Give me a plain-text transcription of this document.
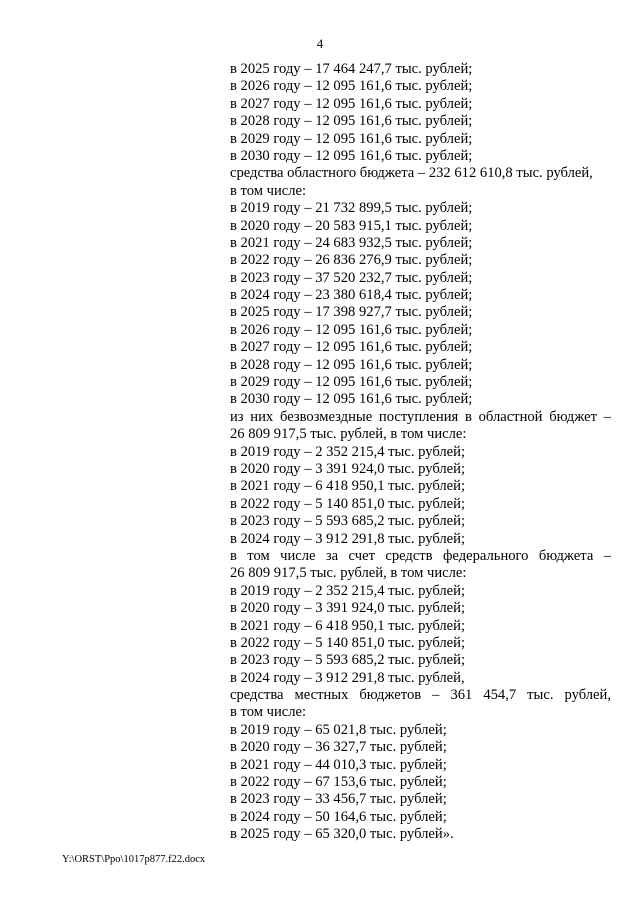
4
в 2025 году – 17 464 247,7 тыс. рублей;
в 2026 году – 12 095 161,6 тыс. рублей;
в 2027 году – 12 095 161,6 тыс. рублей;
в 2028 году – 12 095 161,6 тыс. рублей;
в 2029 году – 12 095 161,6 тыс. рублей;
в 2030 году – 12 095 161,6 тыс. рублей;
средства областного бюджета – 232 612 610,8 тыс. рублей,
в том числе:
в 2019 году – 21 732 899,5 тыс. рублей;
в 2020 году – 20 583 915,1 тыс. рублей;
в 2021 году – 24 683 932,5 тыс. рублей;
в 2022 году – 26 836 276,9 тыс. рублей;
в 2023 году – 37 520 232,7 тыс. рублей;
в 2024 году – 23 380 618,4 тыс. рублей;
в 2025 году – 17 398 927,7 тыс. рублей;
в 2026 году – 12 095 161,6 тыс. рублей;
в 2027 году – 12 095 161,6 тыс. рублей;
в 2028 году – 12 095 161,6 тыс. рублей;
в 2029 году – 12 095 161,6 тыс. рублей;
в 2030 году – 12 095 161,6 тыс. рублей;
из них безвозмездные поступления в областной бюджет –
26 809 917,5 тыс. рублей, в том числе:
в 2019 году – 2 352 215,4 тыс. рублей;
в 2020 году – 3 391 924,0 тыс. рублей;
в 2021 году – 6 418 950,1 тыс. рублей;
в 2022 году – 5 140 851,0 тыс. рублей;
в 2023 году – 5 593 685,2 тыс. рублей;
в 2024 году – 3 912 291,8 тыс. рублей;
в том числе за счет средств федерального бюджета –
26 809 917,5 тыс. рублей, в том числе:
в 2019 году – 2 352 215,4 тыс. рублей;
в 2020 году – 3 391 924,0 тыс. рублей;
в 2021 году – 6 418 950,1 тыс. рублей;
в 2022 году – 5 140 851,0 тыс. рублей;
в 2023 году – 5 593 685,2 тыс. рублей;
в 2024 году – 3 912 291,8 тыс. рублей,
средства местных бюджетов – 361 454,7 тыс. рублей,
в том числе:
в 2019 году – 65 021,8 тыс. рублей;
в 2020 году – 36 327,7 тыс. рублей;
в 2021 году – 44 010,3 тыс. рублей;
в 2022 году – 67 153,6 тыс. рублей;
в 2023 году – 33 456,7 тыс. рублей;
в 2024 году – 50 164,6 тыс. рублей;
в 2025 году – 65 320,0 тыс. рублей».
Y:\ORST\Ppo\1017p877.f22.docx
